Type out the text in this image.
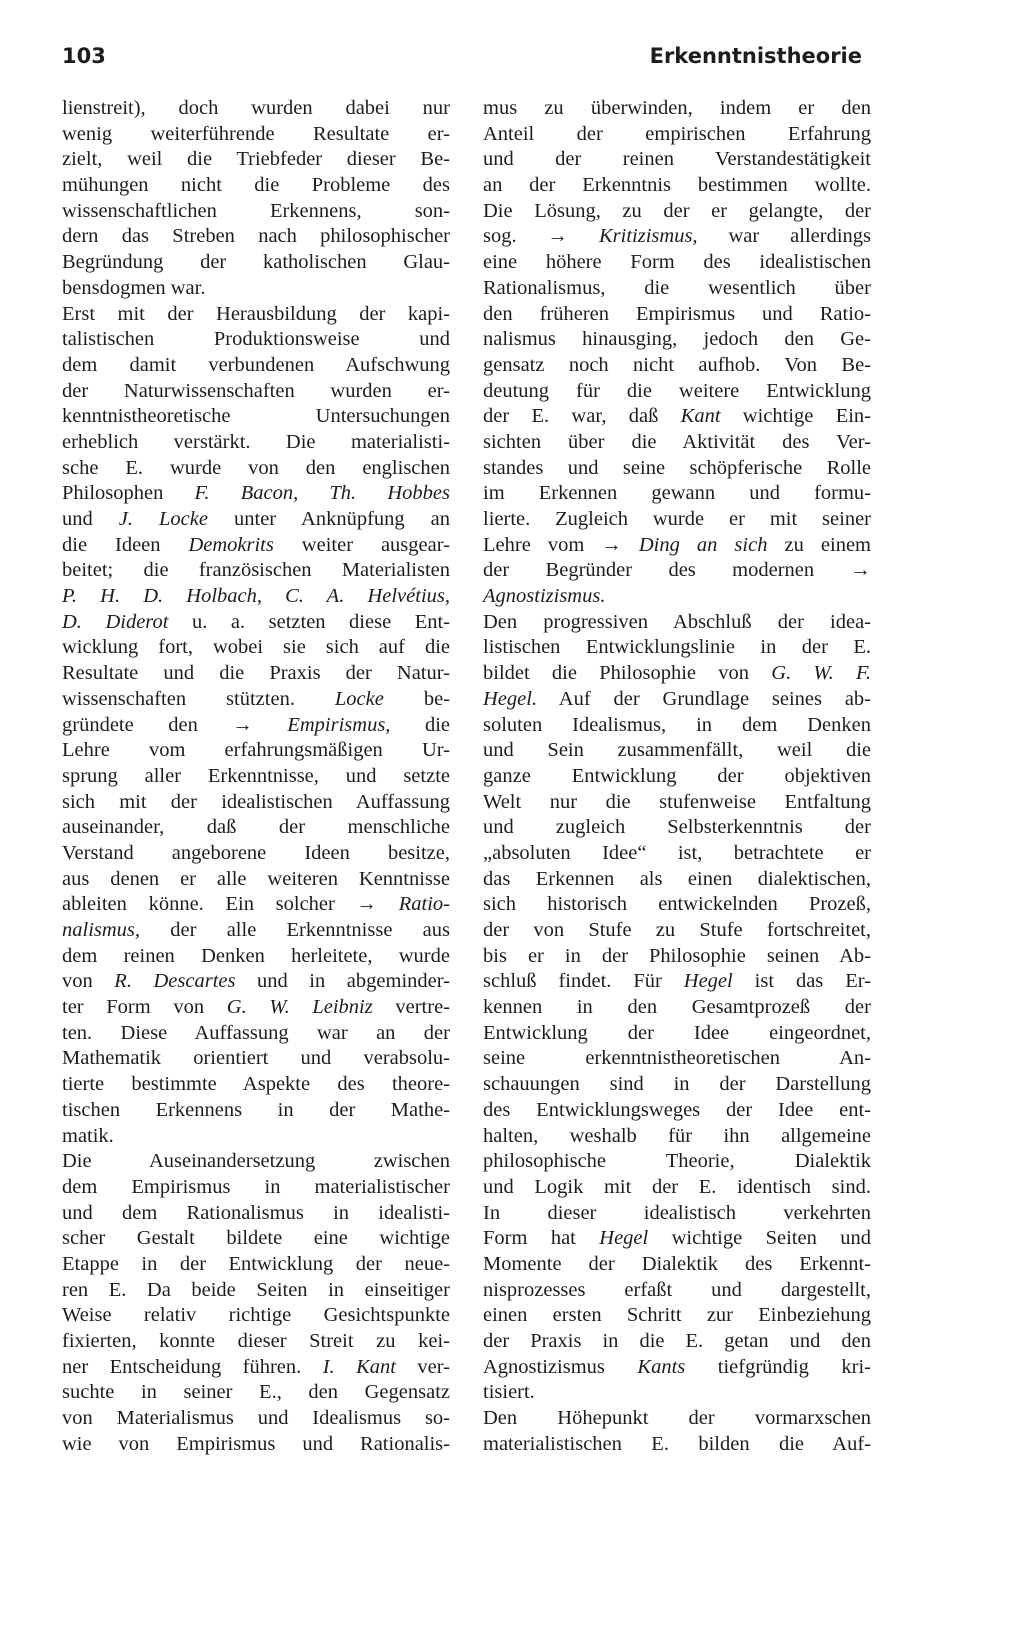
103	Erkenntnistheorie
lienstreit), doch wurden dabei nur
wenig weiterführende Resultate er-
zielt, weil die Triebfeder dieser Be-
mühungen nicht die Probleme des
wissenschaftlichen Erkennens, son-
dern das Streben nach philosophischer
Begründung der katholischen Glau-
bensdogmen war.
Erst mit der Herausbildung der kapi-
talistischen Produktionsweise und
dem damit verbundenen Aufschwung
der Naturwissenschaften wurden er-
kenntnistheoretische Untersuchungen
erheblich verstärkt. Die materialisti-
sche E. wurde von den englischen
Philosophen F. Bacon, Th. Hobbes
und J. Locke unter Anknüpfung an
die Ideen Demokrits weiter ausgear-
beitet; die französischen Materialisten
P. H. D. Holbach, C. A. Helvétius,
D. Diderot u. a. setzten diese Ent-
wicklung fort, wobei sie sich auf die
Resultate und die Praxis der Natur-
wissenschaften stützten. Locke be-
gründete den → Empirismus, die
Lehre vom erfahrungsmäßigen Ur-
sprung aller Erkenntnisse, und setzte
sich mit der idealistischen Auffassung
auseinander, daß der menschliche
Verstand angeborene Ideen besitze,
aus denen er alle weiteren Kenntnisse
ableiten könne. Ein solcher → Ratio-
nalismus, der alle Erkenntnisse aus
dem reinen Denken herleitete, wurde
von R. Descartes und in abgeminder-
ter Form von G. W. Leibniz vertre-
ten. Diese Auffassung war an der
Mathematik orientiert und verabsolu-
tierte bestimmte Aspekte des theore-
tischen Erkennens in der Mathe-
matik.
Die Auseinandersetzung zwischen
dem Empirismus in materialistischer
und dem Rationalismus in idealisti-
scher Gestalt bildete eine wichtige
Etappe in der Entwicklung der neue-
ren E. Da beide Seiten in einseitiger
Weise relativ richtige Gesichtspunkte
fixierten, konnte dieser Streit zu kei-
ner Entscheidung führen. I. Kant ver-
suchte in seiner E., den Gegensatz
von Materialismus und Idealismus so-
wie von Empirismus und Rationalis-
mus zu überwinden, indem er den
Anteil der empirischen Erfahrung
und der reinen Verstandestätigkeit
an der Erkenntnis bestimmen wollte.
Die Lösung, zu der er gelangte, der
sog. → Kritizismus, war allerdings
eine höhere Form des idealistischen
Rationalismus, die wesentlich über
den früheren Empirismus und Ratio-
nalismus hinausging, jedoch den Ge-
gensatz noch nicht aufhob. Von Be-
deutung für die weitere Entwicklung
der E. war, daß Kant wichtige Ein-
sichten über die Aktivität des Ver-
standes und seine schöpferische Rolle
im Erkennen gewann und formu-
lierte. Zugleich wurde er mit seiner
Lehre vom → Ding an sich zu einem
der Begründer des modernen →
Agnostizismus.
Den progressiven Abschluß der idea-
listischen Entwicklungslinie in der E.
bildet die Philosophie von G. W. F.
Hegel. Auf der Grundlage seines ab-
soluten Idealismus, in dem Denken
und Sein zusammenfällt, weil die
ganze Entwicklung der objektiven
Welt nur die stufenweise Entfaltung
und zugleich Selbsterkenntnis der
„absoluten Idee“ ist, betrachtete er
das Erkennen als einen dialektischen,
sich historisch entwickelnden Prozeß,
der von Stufe zu Stufe fortschreitet,
bis er in der Philosophie seinen Ab-
schluß findet. Für Hegel ist das Er-
kennen in den Gesamtprozeß der
Entwicklung der Idee eingeordnet,
seine erkenntnistheoretischen An-
schauungen sind in der Darstellung
des Entwicklungsweges der Idee ent-
halten, weshalb für ihn allgemeine
philosophische Theorie, Dialektik
und Logik mit der E. identisch sind.
In dieser idealistisch verkehrten
Form hat Hegel wichtige Seiten und
Momente der Dialektik des Erkennt-
nisprozesses erfaßt und dargestellt,
einen ersten Schritt zur Einbeziehung
der Praxis in die E. getan und den
Agnostizismus Kants tiefgründig kri-
tisiert.
Den Höhepunkt der vormarxschen
materialistischen E. bilden die Auf-
